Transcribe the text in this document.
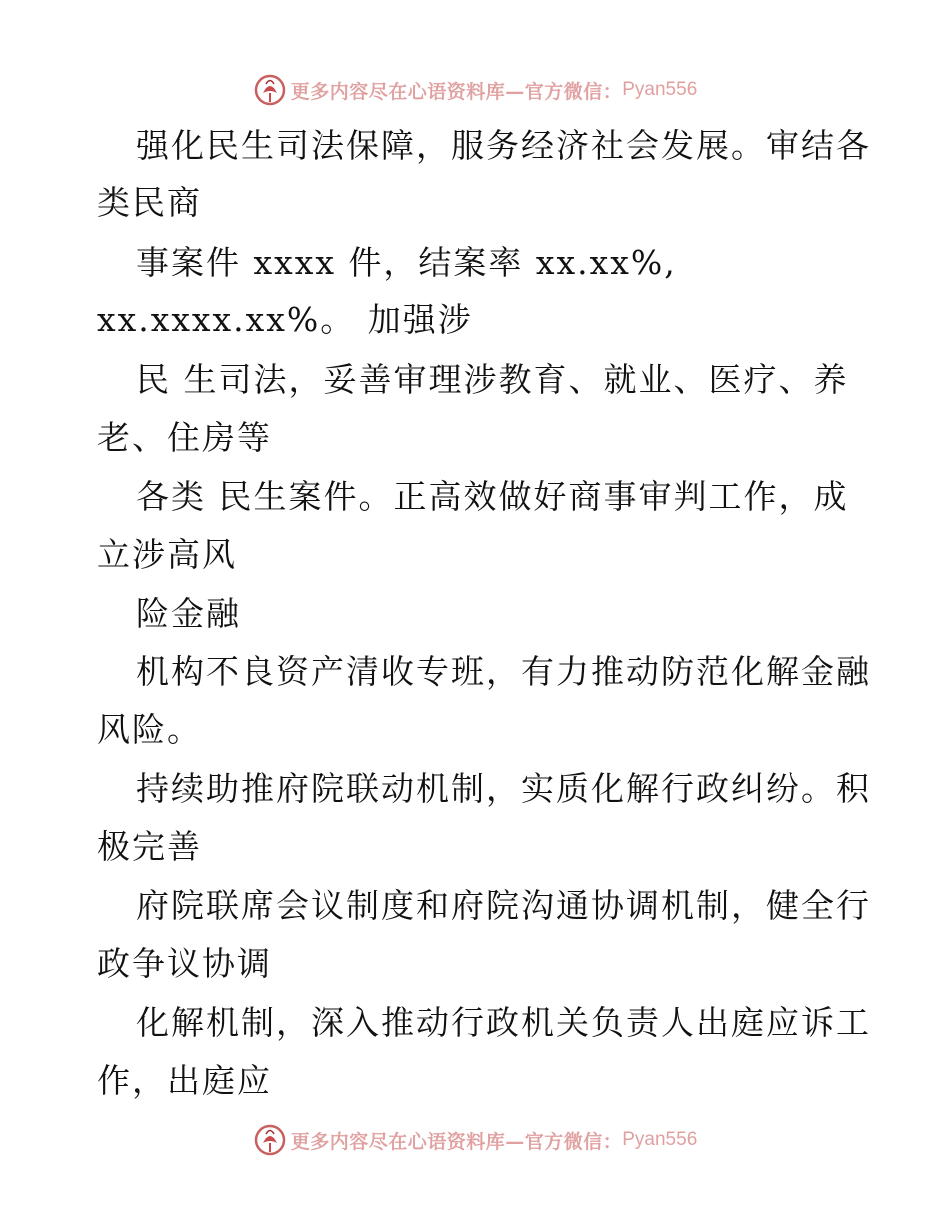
更多内容尽在心语资料库—官方微信： Pyan556

强化民生司法保障，服务经济社会发展。审结各

类民商

事案件 xxxx 件，结案率 xx.xx%,

xx.xxxx.xx%。 加强涉

民 生司法，妥善审理涉教育、就业、医疗、养

老、住房等

各类 民生案件。正高效做好商事审判工作，成

立涉高风

险金融

机构不良资产清收专班，有力推动防范化解金融

风险。

持续助推府院联动机制，实质化解行政纠纷。积

极完善

府院联席会议制度和府院沟通协调机制，健全行

政争议协调

化解机制，深入推动行政机关负责人出庭应诉工

作，出庭应

更多内容尽在心语资料库—官方微信： Pyan556
